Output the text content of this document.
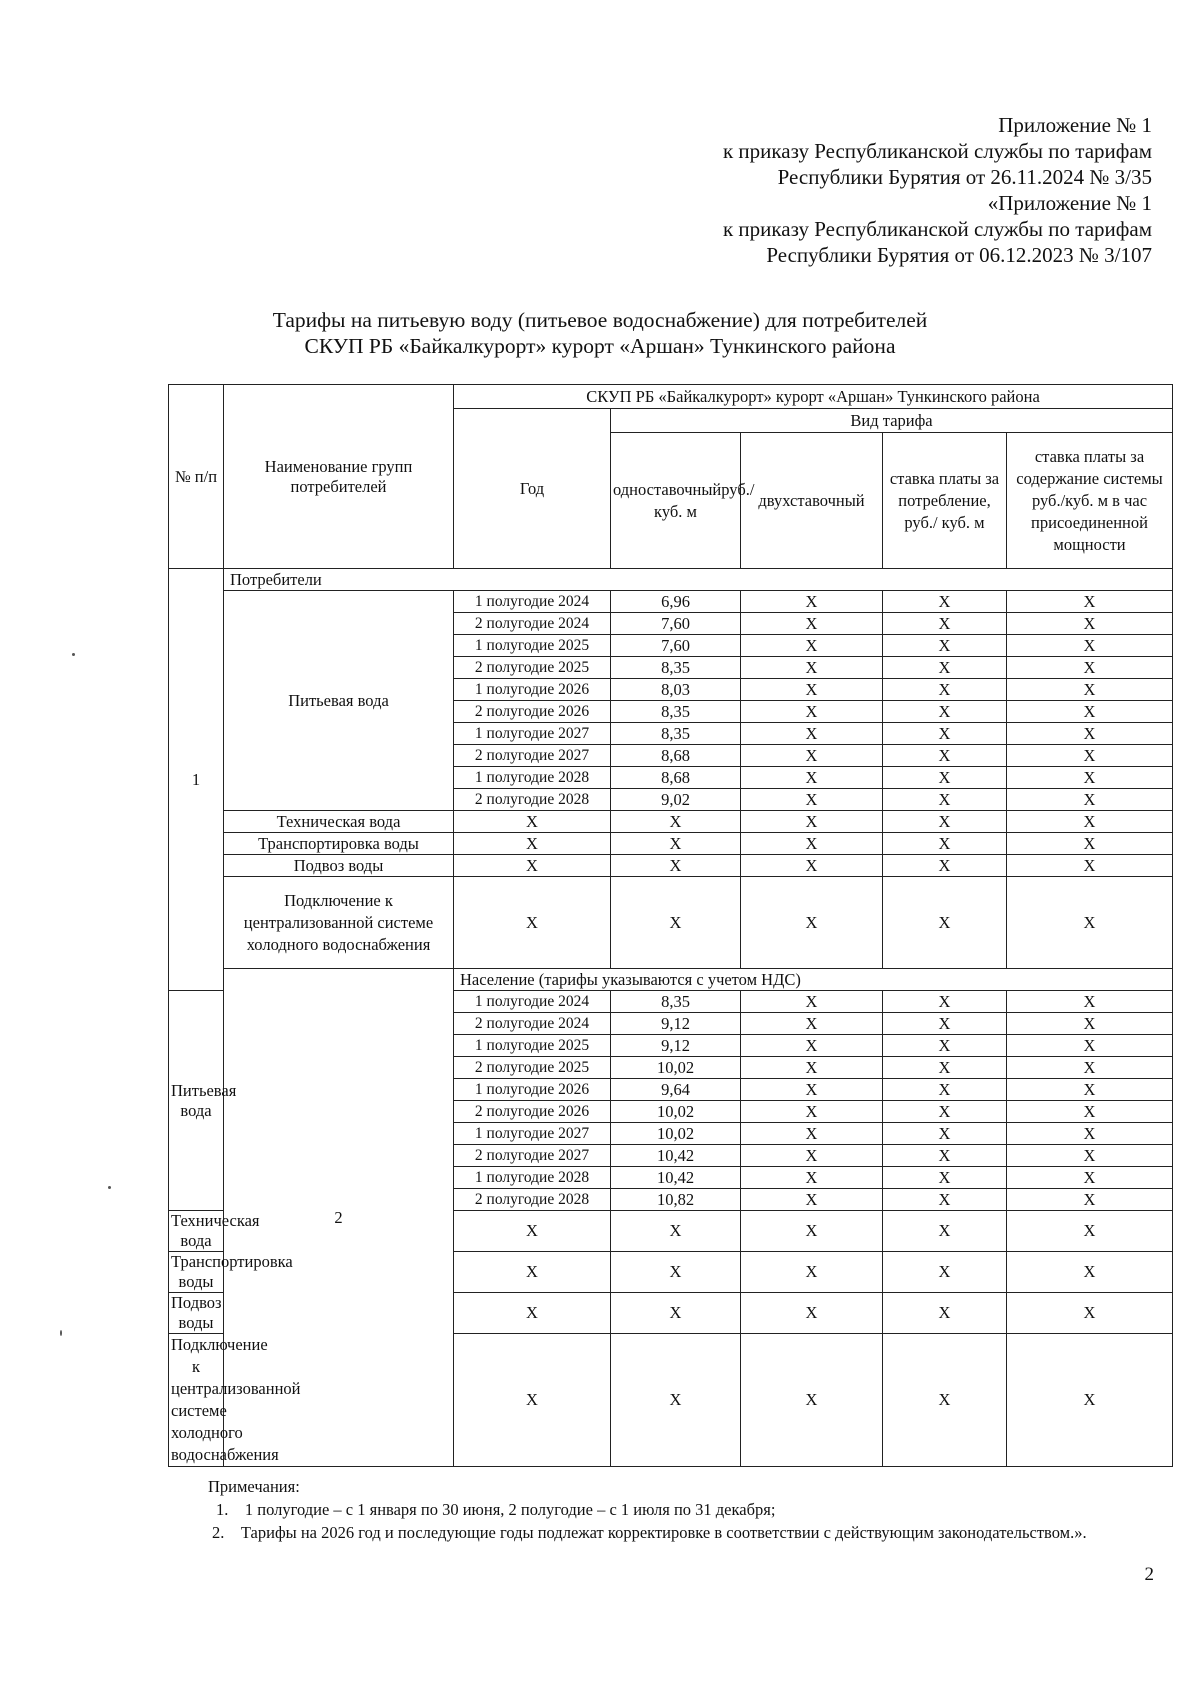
Приложение № 1
к приказу Республиканской службы по тарифам
Республики Бурятия от 26.11.2024 № 3/35
«Приложение № 1
к приказу Республиканской службы по тарифам
Республики Бурятия от 06.12.2023 № 3/107
Тарифы на питьевую воду (питьевое водоснабжение) для потребителей
СКУП РБ «Байкалкурорт» курорт «Аршан» Тункинского района
№ п/п	Наименование групп потребителей	СКУП РБ «Байкалкурорт» курорт «Аршан» Тункинского района				
		Год	Вид тарифа			
			одноставочныйруб./ куб. м	двухставочный	ставка платы за потребление, руб./ куб. м	ставка платы за содержание системы руб./куб. м в час присоединенной мощности
1	Потребители					
	Питьевая вода	1 полугодие 2024	6,96	Х	Х	Х
		2 полугодие 2024	7,60	Х	Х	Х
		1 полугодие 2025	7,60	Х	Х	Х
		2 полугодие 2025	8,35	Х	Х	Х
		1 полугодие 2026	8,03	Х	Х	Х
		2 полугодие 2026	8,35	Х	Х	Х
		1 полугодие 2027	8,35	Х	Х	Х
		2 полугодие 2027	8,68	Х	Х	Х
		1 полугодие 2028	8,68	Х	Х	Х
		2 полугодие 2028	9,02	Х	Х	Х
	Техническая вода	Х	Х	Х	Х	Х
	Транспортировка воды	Х	Х	Х	Х	Х
	Подвоз воды	Х	Х	Х	Х	Х
	Подключение к централизованной системе холодного водоснабжения	Х	Х	Х	Х	Х
	2	Население (тарифы указываются с учетом НДС)				
Питьевая вода		1 полугодие 2024	8,35	Х	Х	Х
		2 полугодие 2024	9,12	Х	Х	Х
		1 полугодие 2025	9,12	Х	Х	Х
		2 полугодие 2025	10,02	Х	Х	Х
		1 полугодие 2026	9,64	Х	Х	Х
		2 полугодие 2026	10,02	Х	Х	Х
		1 полугодие 2027	10,02	Х	Х	Х
		2 полугодие 2027	10,42	Х	Х	Х
		1 полугодие 2028	10,42	Х	Х	Х
		2 полугодие 2028	10,82	Х	Х	Х
Техническая вода		Х	Х	Х	Х	Х
Транспортировка воды		Х	Х	Х	Х	Х
Подвоз воды		Х	Х	Х	Х	Х
Подключение к централизованной системе холодного водоснабжения		Х	Х	Х	Х	Х
Примечания:
1. 1 полугодие – с 1 января по 30 июня, 2 полугодие – с 1 июля по 31 декабря;
2. Тарифы на 2026 год и последующие годы подлежат корректировке в соответствии с действующим законодательством.».
2
